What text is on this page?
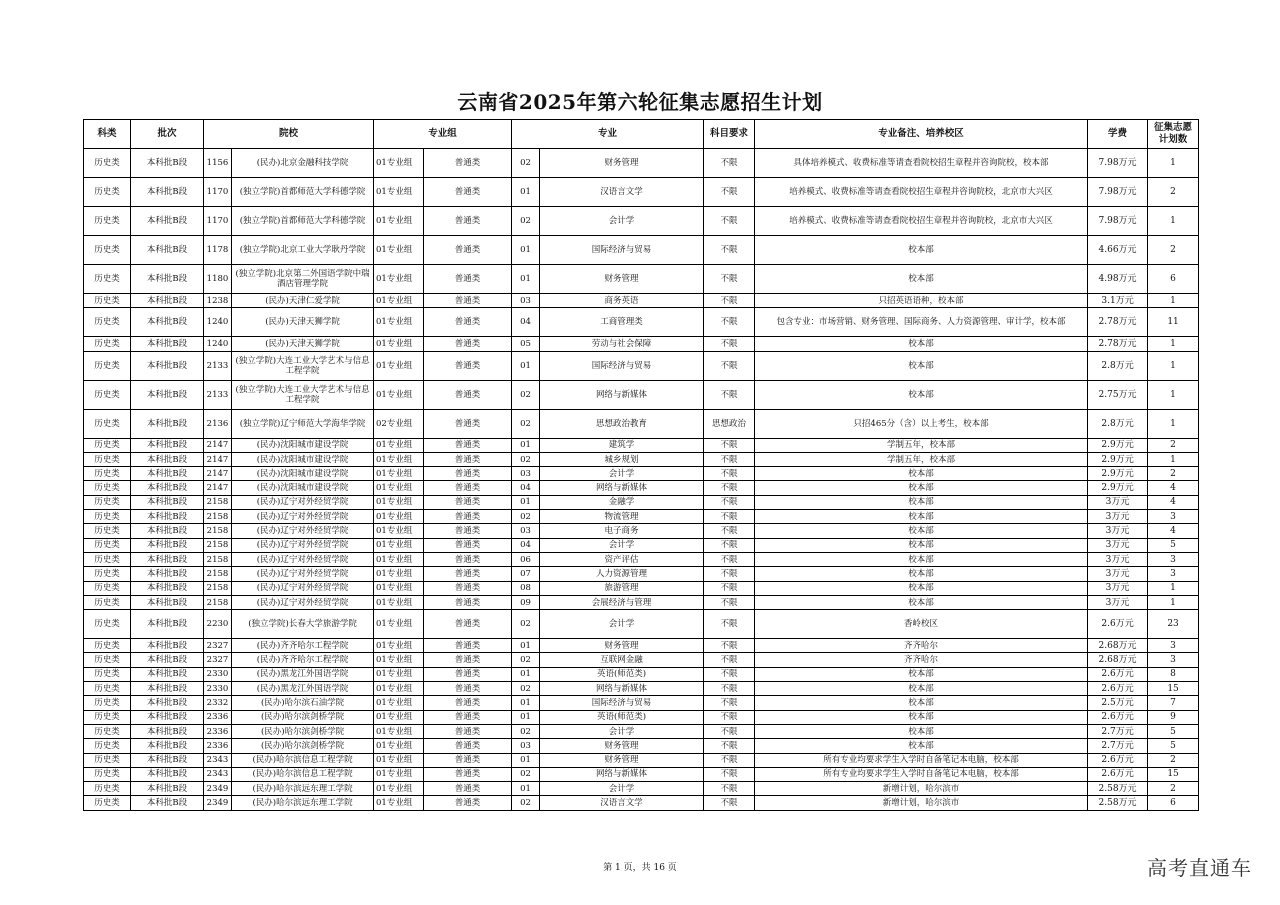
云南省2025年第六轮征集志愿招生计划
科类	批次	院校		专业组		专业		科目要求	专业备注、培养校区	学费	征集志愿计划数
历史类	本科批B段	1156	(民办)北京金融科技学院	01专业组	普通类	02	财务管理	不限	具体培养模式、收费标准等请查看院校招生章程并咨询院校，校本部	7.98万元	1
历史类	本科批B段	1170	(独立学院)首都师范大学科德学院	01专业组	普通类	01	汉语言文学	不限	培养模式、收费标准等请查看院校招生章程并咨询院校，北京市大兴区	7.98万元	2
历史类	本科批B段	1170	(独立学院)首都师范大学科德学院	01专业组	普通类	02	会计学	不限	培养模式、收费标准等请查看院校招生章程并咨询院校，北京市大兴区	7.98万元	1
历史类	本科批B段	1178	(独立学院)北京工业大学耿丹学院	01专业组	普通类	01	国际经济与贸易	不限	校本部	4.66万元	2
历史类	本科批B段	1180	(独立学院)北京第二外国语学院中瑞酒店管理学院	01专业组	普通类	01	财务管理	不限	校本部	4.98万元	6
历史类	本科批B段	1238	(民办)天津仁爱学院	01专业组	普通类	03	商务英语	不限	只招英语语种，校本部	3.1万元	1
历史类	本科批B段	1240	(民办)天津天狮学院	01专业组	普通类	04	工商管理类	不限	包含专业：市场营销、财务管理、国际商务、人力资源管理、审计学，校本部	2.78万元	11
历史类	本科批B段	1240	(民办)天津天狮学院	01专业组	普通类	05	劳动与社会保障	不限	校本部	2.78万元	1
历史类	本科批B段	2133	(独立学院)大连工业大学艺术与信息工程学院	01专业组	普通类	01	国际经济与贸易	不限	校本部	2.8万元	1
历史类	本科批B段	2133	(独立学院)大连工业大学艺术与信息工程学院	01专业组	普通类	02	网络与新媒体	不限	校本部	2.75万元	1
历史类	本科批B段	2136	(独立学院)辽宁师范大学海华学院	02专业组	普通类	02	思想政治教育	思想政治	只招465分（含）以上考生，校本部	2.8万元	1
历史类	本科批B段	2147	(民办)沈阳城市建设学院	01专业组	普通类	01	建筑学	不限	学制五年，校本部	2.9万元	2
历史类	本科批B段	2147	(民办)沈阳城市建设学院	01专业组	普通类	02	城乡规划	不限	学制五年，校本部	2.9万元	1
历史类	本科批B段	2147	(民办)沈阳城市建设学院	01专业组	普通类	03	会计学	不限	校本部	2.9万元	2
历史类	本科批B段	2147	(民办)沈阳城市建设学院	01专业组	普通类	04	网络与新媒体	不限	校本部	2.9万元	4
历史类	本科批B段	2158	(民办)辽宁对外经贸学院	01专业组	普通类	01	金融学	不限	校本部	3万元	4
历史类	本科批B段	2158	(民办)辽宁对外经贸学院	01专业组	普通类	02	物流管理	不限	校本部	3万元	3
历史类	本科批B段	2158	(民办)辽宁对外经贸学院	01专业组	普通类	03	电子商务	不限	校本部	3万元	4
历史类	本科批B段	2158	(民办)辽宁对外经贸学院	01专业组	普通类	04	会计学	不限	校本部	3万元	5
历史类	本科批B段	2158	(民办)辽宁对外经贸学院	01专业组	普通类	06	资产评估	不限	校本部	3万元	3
历史类	本科批B段	2158	(民办)辽宁对外经贸学院	01专业组	普通类	07	人力资源管理	不限	校本部	3万元	3
历史类	本科批B段	2158	(民办)辽宁对外经贸学院	01专业组	普通类	08	旅游管理	不限	校本部	3万元	1
历史类	本科批B段	2158	(民办)辽宁对外经贸学院	01专业组	普通类	09	会展经济与管理	不限	校本部	3万元	1
历史类	本科批B段	2230	(独立学院)长春大学旅游学院	01专业组	普通类	02	会计学	不限	香岭校区	2.6万元	23
历史类	本科批B段	2327	(民办)齐齐哈尔工程学院	01专业组	普通类	01	财务管理	不限	齐齐哈尔	2.68万元	3
历史类	本科批B段	2327	(民办)齐齐哈尔工程学院	01专业组	普通类	02	互联网金融	不限	齐齐哈尔	2.68万元	3
历史类	本科批B段	2330	(民办)黑龙江外国语学院	01专业组	普通类	01	英语(师范类)	不限	校本部	2.6万元	8
历史类	本科批B段	2330	(民办)黑龙江外国语学院	01专业组	普通类	02	网络与新媒体	不限	校本部	2.6万元	15
历史类	本科批B段	2332	(民办)哈尔滨石油学院	01专业组	普通类	01	国际经济与贸易	不限	校本部	2.5万元	7
历史类	本科批B段	2336	(民办)哈尔滨剑桥学院	01专业组	普通类	01	英语(师范类)	不限	校本部	2.6万元	9
历史类	本科批B段	2336	(民办)哈尔滨剑桥学院	01专业组	普通类	02	会计学	不限	校本部	2.7万元	5
历史类	本科批B段	2336	(民办)哈尔滨剑桥学院	01专业组	普通类	03	财务管理	不限	校本部	2.7万元	5
历史类	本科批B段	2343	(民办)哈尔滨信息工程学院	01专业组	普通类	01	财务管理	不限	所有专业均要求学生入学时自备笔记本电脑，校本部	2.6万元	2
历史类	本科批B段	2343	(民办)哈尔滨信息工程学院	01专业组	普通类	02	网络与新媒体	不限	所有专业均要求学生入学时自备笔记本电脑，校本部	2.6万元	15
历史类	本科批B段	2349	(民办)哈尔滨远东理工学院	01专业组	普通类	01	会计学	不限	新增计划，哈尔滨市	2.58万元	2
历史类	本科批B段	2349	(民办)哈尔滨远东理工学院	01专业组	普通类	02	汉语言文学	不限	新增计划，哈尔滨市	2.58万元	6
第 1 页，共 16 页	高考直通车
